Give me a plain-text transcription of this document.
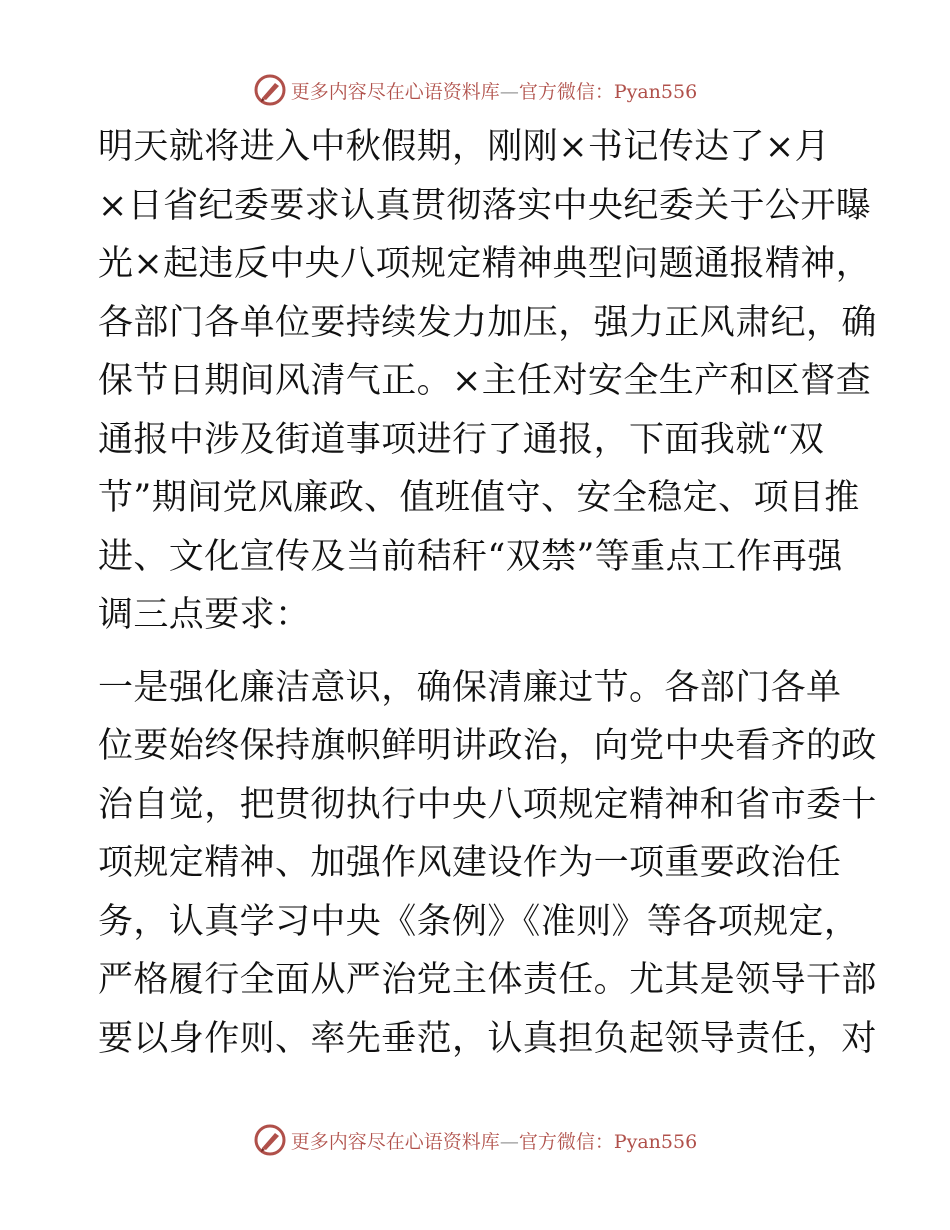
更多内容尽在心语资料库—官方微信：Pyan556
明天就将进入中秋假期，刚刚×书记传达了×月
×日省纪委要求认真贯彻落实中央纪委关于公开曝
光×起违反中央八项规定精神典型问题通报精神，
各部门各单位要持续发力加压，强力正风肃纪，确
保节日期间风清气正。×主任对安全生产和区督查
通报中涉及街道事项进行了通报，下面我就“双
节”期间党风廉政、值班值守、安全稳定、项目推
进、文化宣传及当前秸秆“双禁”等重点工作再强
调三点要求：
一是强化廉洁意识，确保清廉过节。各部门各单
位要始终保持旗帜鲜明讲政治，向党中央看齐的政
治自觉，把贯彻执行中央八项规定精神和省市委十
项规定精神、加强作风建设作为一项重要政治任
务，认真学习中央《条例》《准则》等各项规定，
严格履行全面从严治党主体责任。尤其是领导干部
要以身作则、率先垂范，认真担负起领导责任，对
更多内容尽在心语资料库—官方微信：Pyan556
